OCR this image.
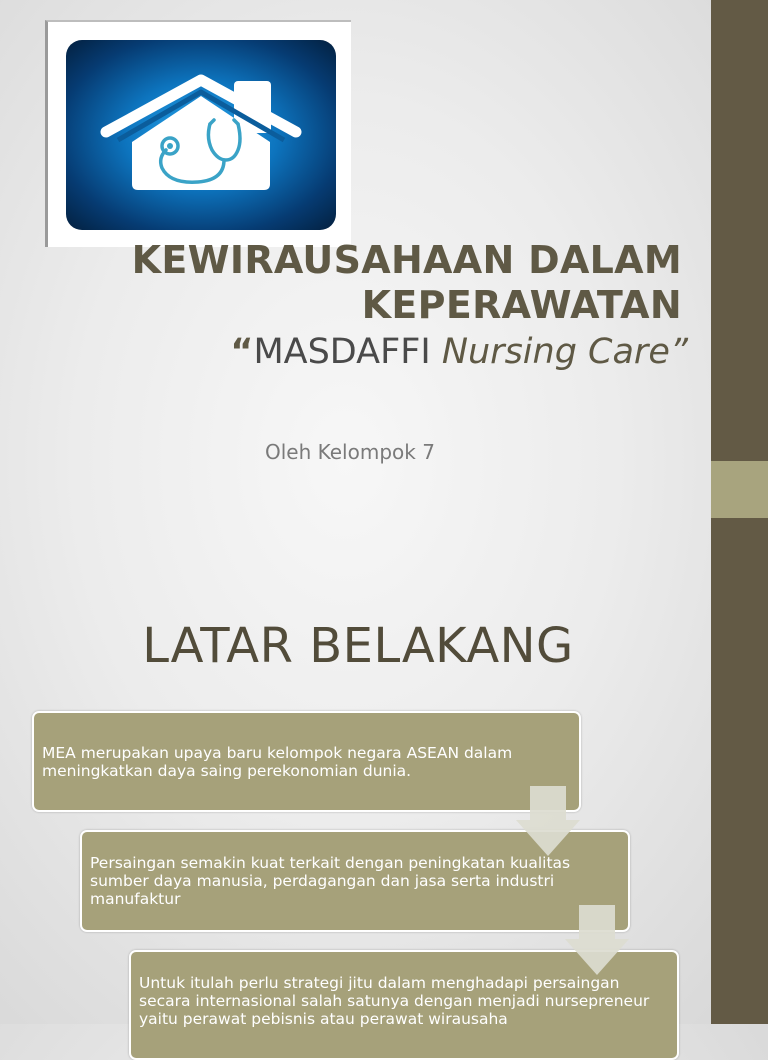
KEWIRAUSAHAAN DALAM
KEPERAWATAN
“MASDAFFI Nursing Care”
Oleh Kelompok 7
LATAR BELAKANG
MEA merupakan upaya baru kelompok negara ASEAN dalam meningkatkan daya saing perekonomian dunia.
Persaingan semakin kuat terkait dengan peningkatan kualitas sumber daya manusia, perdagangan dan jasa serta industri manufaktur
Untuk itulah perlu strategi jitu dalam menghadapi persaingan secara internasional salah satunya dengan menjadi nursepreneur yaitu perawat pebisnis atau perawat wirausaha
